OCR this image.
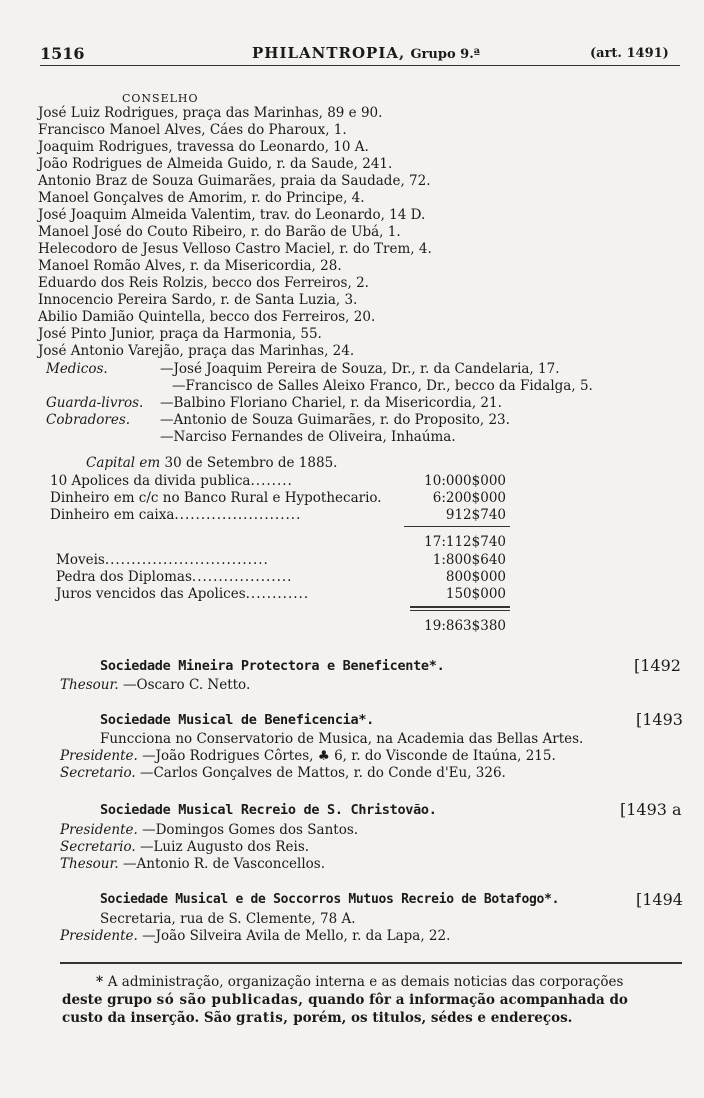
1516	PHILANTROPIA, Grupo 9.ª	(art. 1491)
CONSELHO
José Luiz Rodrigues, praça das Marinhas, 89 e 90.
Francisco Manoel Alves, Cáes do Pharoux, 1.
Joaquim Rodrigues, travessa do Leonardo, 10 A.
João Rodrigues de Almeida Guido, r. da Saude, 241.
Antonio Braz de Souza Guimarães, praia da Saudade, 72.
Manoel Gonçalves de Amorim, r. do Principe, 4.
José Joaquim Almeida Valentim, trav. do Leonardo, 14 D.
Manoel José do Couto Ribeiro, r. do Barão de Ubá, 1.
Helecodoro de Jesus Velloso Castro Maciel, r. do Trem, 4.
Manoel Romão Alves, r. da Misericordia, 28.
Eduardo dos Reis Rolzis, becco dos Ferreiros, 2.
Innocencio Pereira Sardo, r. de Santa Luzia, 3.
Abilio Damião Quintella, becco dos Ferreiros, 20.
José Pinto Junior, praça da Harmonia, 55.
José Antonio Varejão, praça das Marinhas, 24.
Medicos.	—José Joaquim Pereira de Souza, Dr., r. da Candelaria, 17.
—Francisco de Salles Aleixo Franco, Dr., becco da Fidalga, 5.
Guarda-livros. —Balbino Floriano Chariel, r. da Misericordia, 21.
Cobradores. —Antonio de Souza Guimarães, r. do Proposito, 23.
—Narciso Fernandes de Oliveira, Inhaúma.
Capital em 30 de Setembro de 1885.
10 Apolices da divida publica........	10:000$000
Dinheiro em c/c no Banco Rural e Hypothecario.	6:200$000
Dinheiro em caixa........................	912$740
17:112$740
Moveis...............................	1:800$640
Pedra dos Diplomas...................	800$000
Juros vencidos das Apolices............	150$000
19:863$380
Sociedade Mineira Protectora e Beneficente*.	[1492
Thesour. —Oscaro C. Netto.
Sociedade Musical de Beneficencia*.	[1493
Funcciona no Conservatorio de Musica, na Academia das Bellas Artes.
Presidente. —João Rodrigues Côrtes, ♣ 6, r. do Visconde de Itaúna, 215.
Secretario. —Carlos Gonçalves de Mattos, r. do Conde d'Eu, 326.
Sociedade Musical Recreio de S. Christovão.	[1493 a
Presidente. —Domingos Gomes dos Santos.
Secretario. —Luiz Augusto dos Reis.
Thesour. —Antonio R. de Vasconcellos.
Sociedade Musical e de Soccorros Mutuos Recreio de Botafogo*.	[1494
Secretaria, rua de S. Clemente, 78 A.
Presidente. —João Silveira Avila de Mello, r. da Lapa, 22.
* A administração, organização interna e as demais noticias das corporações
deste grupo só são publicadas, quando fôr a informação acompanhada do
custo da inserção. São gratis, porém, os titulos, sédes e endereços.
